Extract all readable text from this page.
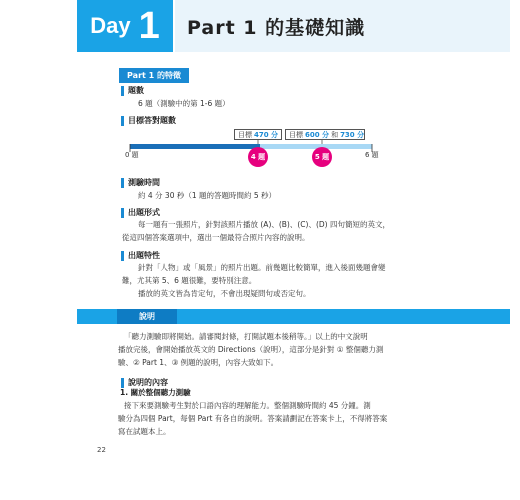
Day 1	Part 1 的基礎知識
Part 1 的特徵
題數
6 題（測驗中的第 1-6 題）
目標答對題數
目標 470 分 目標 600 分 和 730 分
4 題	5 題
0 題	6 題
測驗時間
約 4 分 30 秒（1 題的答題時間約 5 秒）
出題形式
每一題有一張照片，針對該照片播放 (A)、(B)、(C)、(D) 四句簡短的英文，
從這四個答案選項中，選出一個最符合照片內容的說明。
出題特性
針對「人物」或「風景」的照片出題。前幾題比較簡單，進入後面幾題會變
難，尤其第 5、6 題很難，要特別注意。
播放的英文皆為肯定句，不會出現疑問句或否定句。
說明
「聽力測驗即將開始。請審閱封條，打開試題本後稍等。」以上的中文說明
播放完後，會開始播放英文的 Directions（說明），這部分是針對 ① 整個聽力測
驗、② Part 1、③ 例題的說明，內容大致如下。
說明的內容
1. 關於整個聽力測驗
接下來要測驗考生對於口語內容的理解能力。整個測驗時間約 45 分鐘。測
驗分為四個 Part，每個 Part 有各自的說明。答案請劃記在答案卡上，不得將答案
寫在試題本上。
22
